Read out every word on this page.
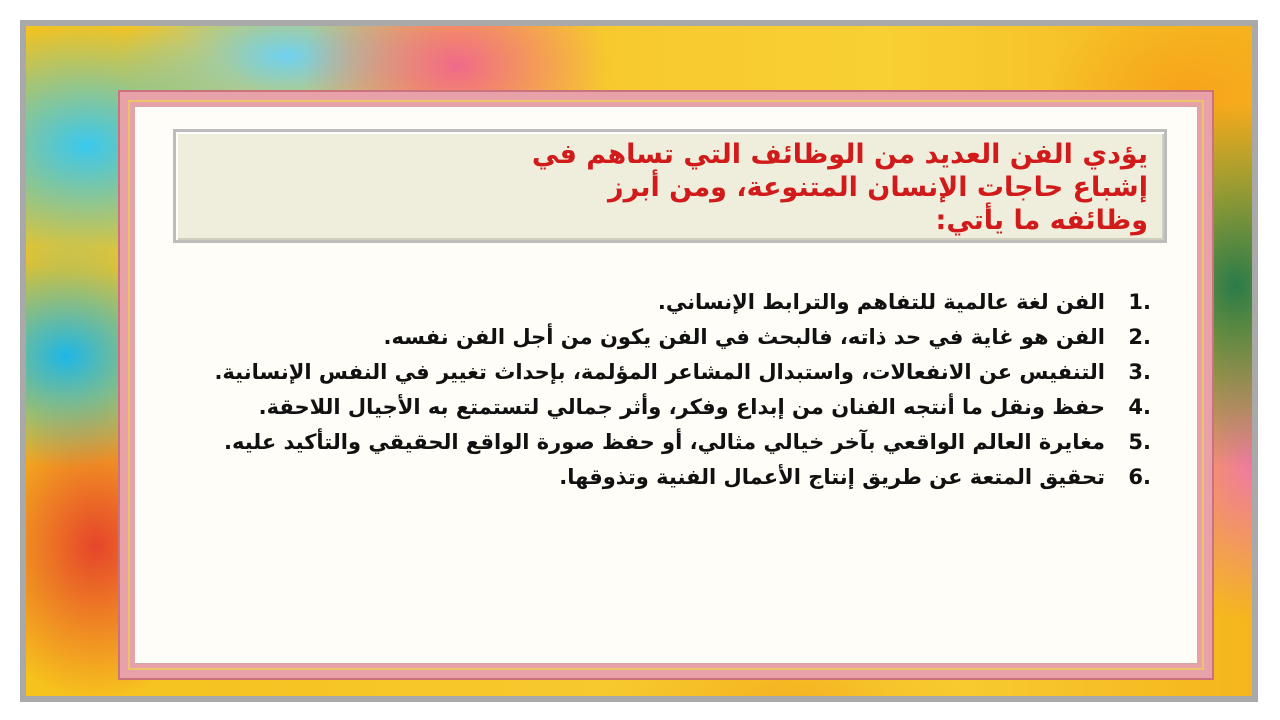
يؤدي الفن العديد من الوظائف التي تساهم في
إشباع حاجات الإنسان المتنوعة، ومن أبرز
وظائفه ما يأتي:

1.
الفن لغة عالمية للتفاهم والترابط الإنساني.
2.
الفن هو غاية في حد ذاته، فالبحث في الفن يكون من أجل الفن نفسه.
3.
التنفيس عن الانفعالات، واستبدال المشاعر المؤلمة، بإحداث تغيير في النفس الإنسانية.
4.
حفظ ونقل ما أنتجه الفنان من إبداع وفكر، وأثر جمالي لتستمتع به الأجيال اللاحقة.
5.
مغايرة العالم الواقعي بآخر خيالي مثالي، أو حفظ صورة الواقع الحقيقي والتأكيد عليه.
6.
تحقيق المتعة عن طريق إنتاج الأعمال الفنية وتذوقها.
